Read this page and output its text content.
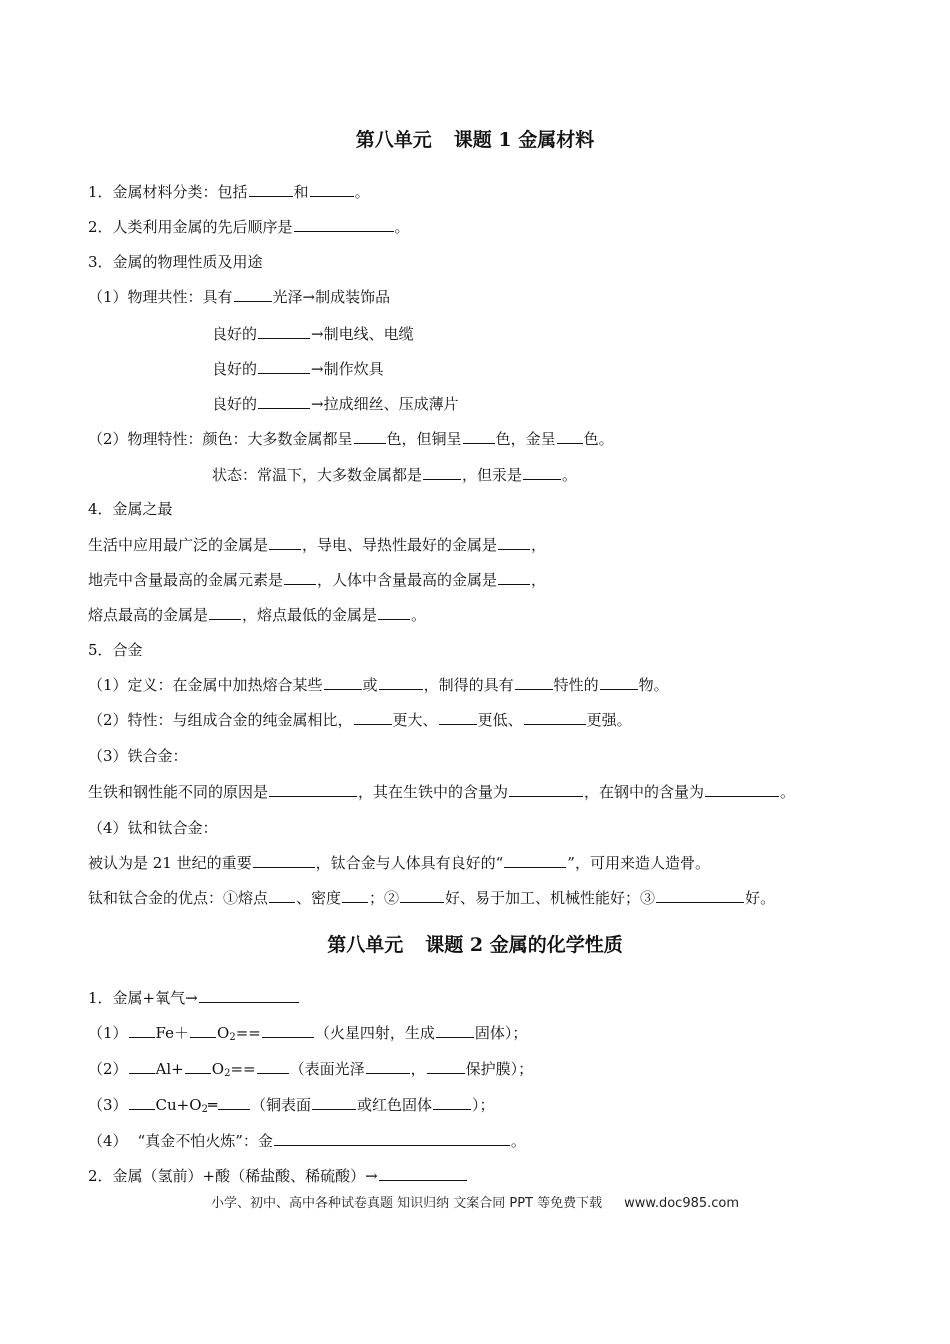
第八单元 课题 1 金属材料
1．金属材料分类：包括	和	。
2．人类利用金属的先后顺序是	。
3．金属的物理性质及用途
（1）物理共性：具有	光泽→制成装饰品
良好的	→制电线、电缆
良好的	→制作炊具
良好的	→拉成细丝、压成薄片
（2）物理特性：颜色：大多数金属都呈 色，但铜呈 色，金呈 色。
状态：常温下，大多数金属都是	，但汞是	。
4．金属之最
生活中应用最广泛的金属是 ，导电、导热性最好的金属是 ，
地壳中含量最高的金属元素是 ，人体中含量最高的金属是 ，
熔点最高的金属是 ，熔点最低的金属是 。
5．合金
（1）定义：在金属中加热熔合某些	或	，制得的具有	特性的	物。
（2）特性：与组成合金的纯金属相比，	更大、	更低、	更强。
（3）铁合金：
生铁和钢性能不同的原因是	，其在生铁中的含量为	，在钢中的含量为	。
（4）钛和钛合金：
被认为是 21 世纪的重要	，钛合金与人体具有良好的“	”，可用来造人造骨。
钛和钛合金的优点：①熔点 、密度 ；②	好、易于加工、机械性能好；③	好。
第八单元 课题 2 金属的化学性质
1．金属+氧气→
（1） $Fe+ O_2==$	（火星四射，生成	固体）；
（2） $Al+ O_2==$ （表面光泽	，	保护膜）；
（3） $Cu+O_2═$ （铜表面	或红色固体	）；
（4） “真金不怕火炼”：金	。
2．金属（氢前）+酸（稀盐酸、稀硫酸）→
小学、初中、高中各种试卷真题 知识归纳 文案合同 PPT 等免费下载 www.doc985.com
